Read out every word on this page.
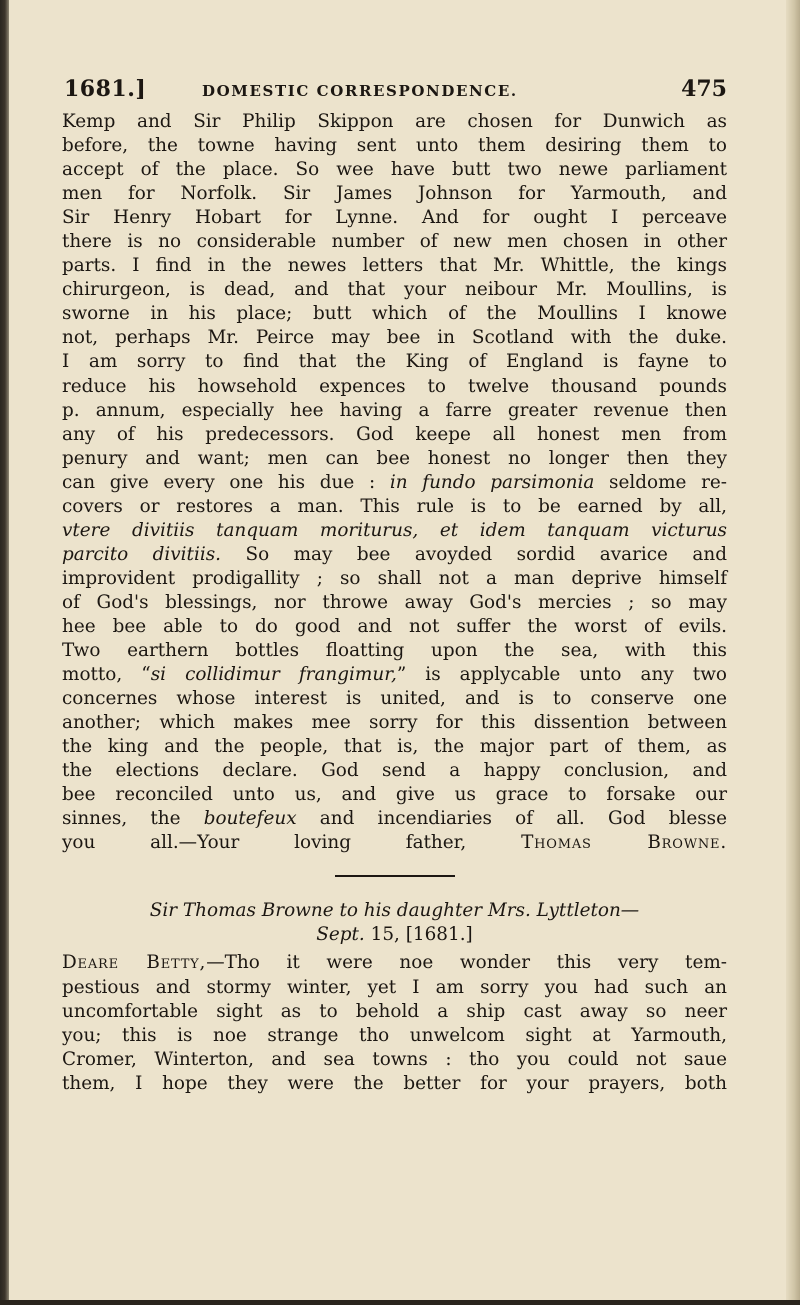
1681.]	DOMESTIC CORRESPONDENCE.	475
Kemp and Sir Philip Skippon are chosen for Dunwich as
before, the towne having sent unto them desiring them to
accept of the place. So wee have butt two newe parliament
men for Norfolk. Sir James Johnson for Yarmouth, and
Sir Henry Hobart for Lynne. And for ought I perceave
there is no considerable number of new men chosen in other
parts. I find in the newes letters that Mr. Whittle, the kings
chirurgeon, is dead, and that your neibour Mr. Moullins, is
sworne in his place; butt which of the Moullins I knowe
not, perhaps Mr. Peirce may bee in Scotland with the duke.
I am sorry to find that the King of England is fayne to
reduce his howsehold expences to twelve thousand pounds
p. annum, especially hee having a farre greater revenue then
any of his predecessors. God keepe all honest men from
penury and want; men can bee honest no longer then they
can give every one his due : in fundo parsimonia seldome re-
covers or restores a man. This rule is to be earned by all,
vtere divitiis tanquam moriturus, et idem tanquam victurus
parcito divitiis. So may bee avoyded sordid avarice and
improvident prodigallity ; so shall not a man deprive himself
of God's blessings, nor throwe away God's mercies ; so may
hee bee able to do good and not suffer the worst of evils.
Two earthern bottles floatting upon the sea, with this
motto, “si collidimur frangimur,” is applycable unto any two
concernes whose interest is united, and is to conserve one
another; which makes mee sorry for this dissention between
the king and the people, that is, the major part of them, as
the elections declare. God send a happy conclusion, and
bee reconciled unto us, and give us grace to forsake our
sinnes, the boutefeux and incendiaries of all. God blesse
you all.—Your loving father,	Thomas Browne.
Sir Thomas Browne to his daughter Mrs. Lyttleton—
Sept. 15, [1681.]
Deare Betty,—Tho it were noe wonder this very tem-
pestious and stormy winter, yet I am sorry you had such an
uncomfortable sight as to behold a ship cast away so neer
you; this is noe strange tho unwelcom sight at Yarmouth,
Cromer, Winterton, and sea towns : tho you could not saue
them, I hope they were the better for your prayers, both
